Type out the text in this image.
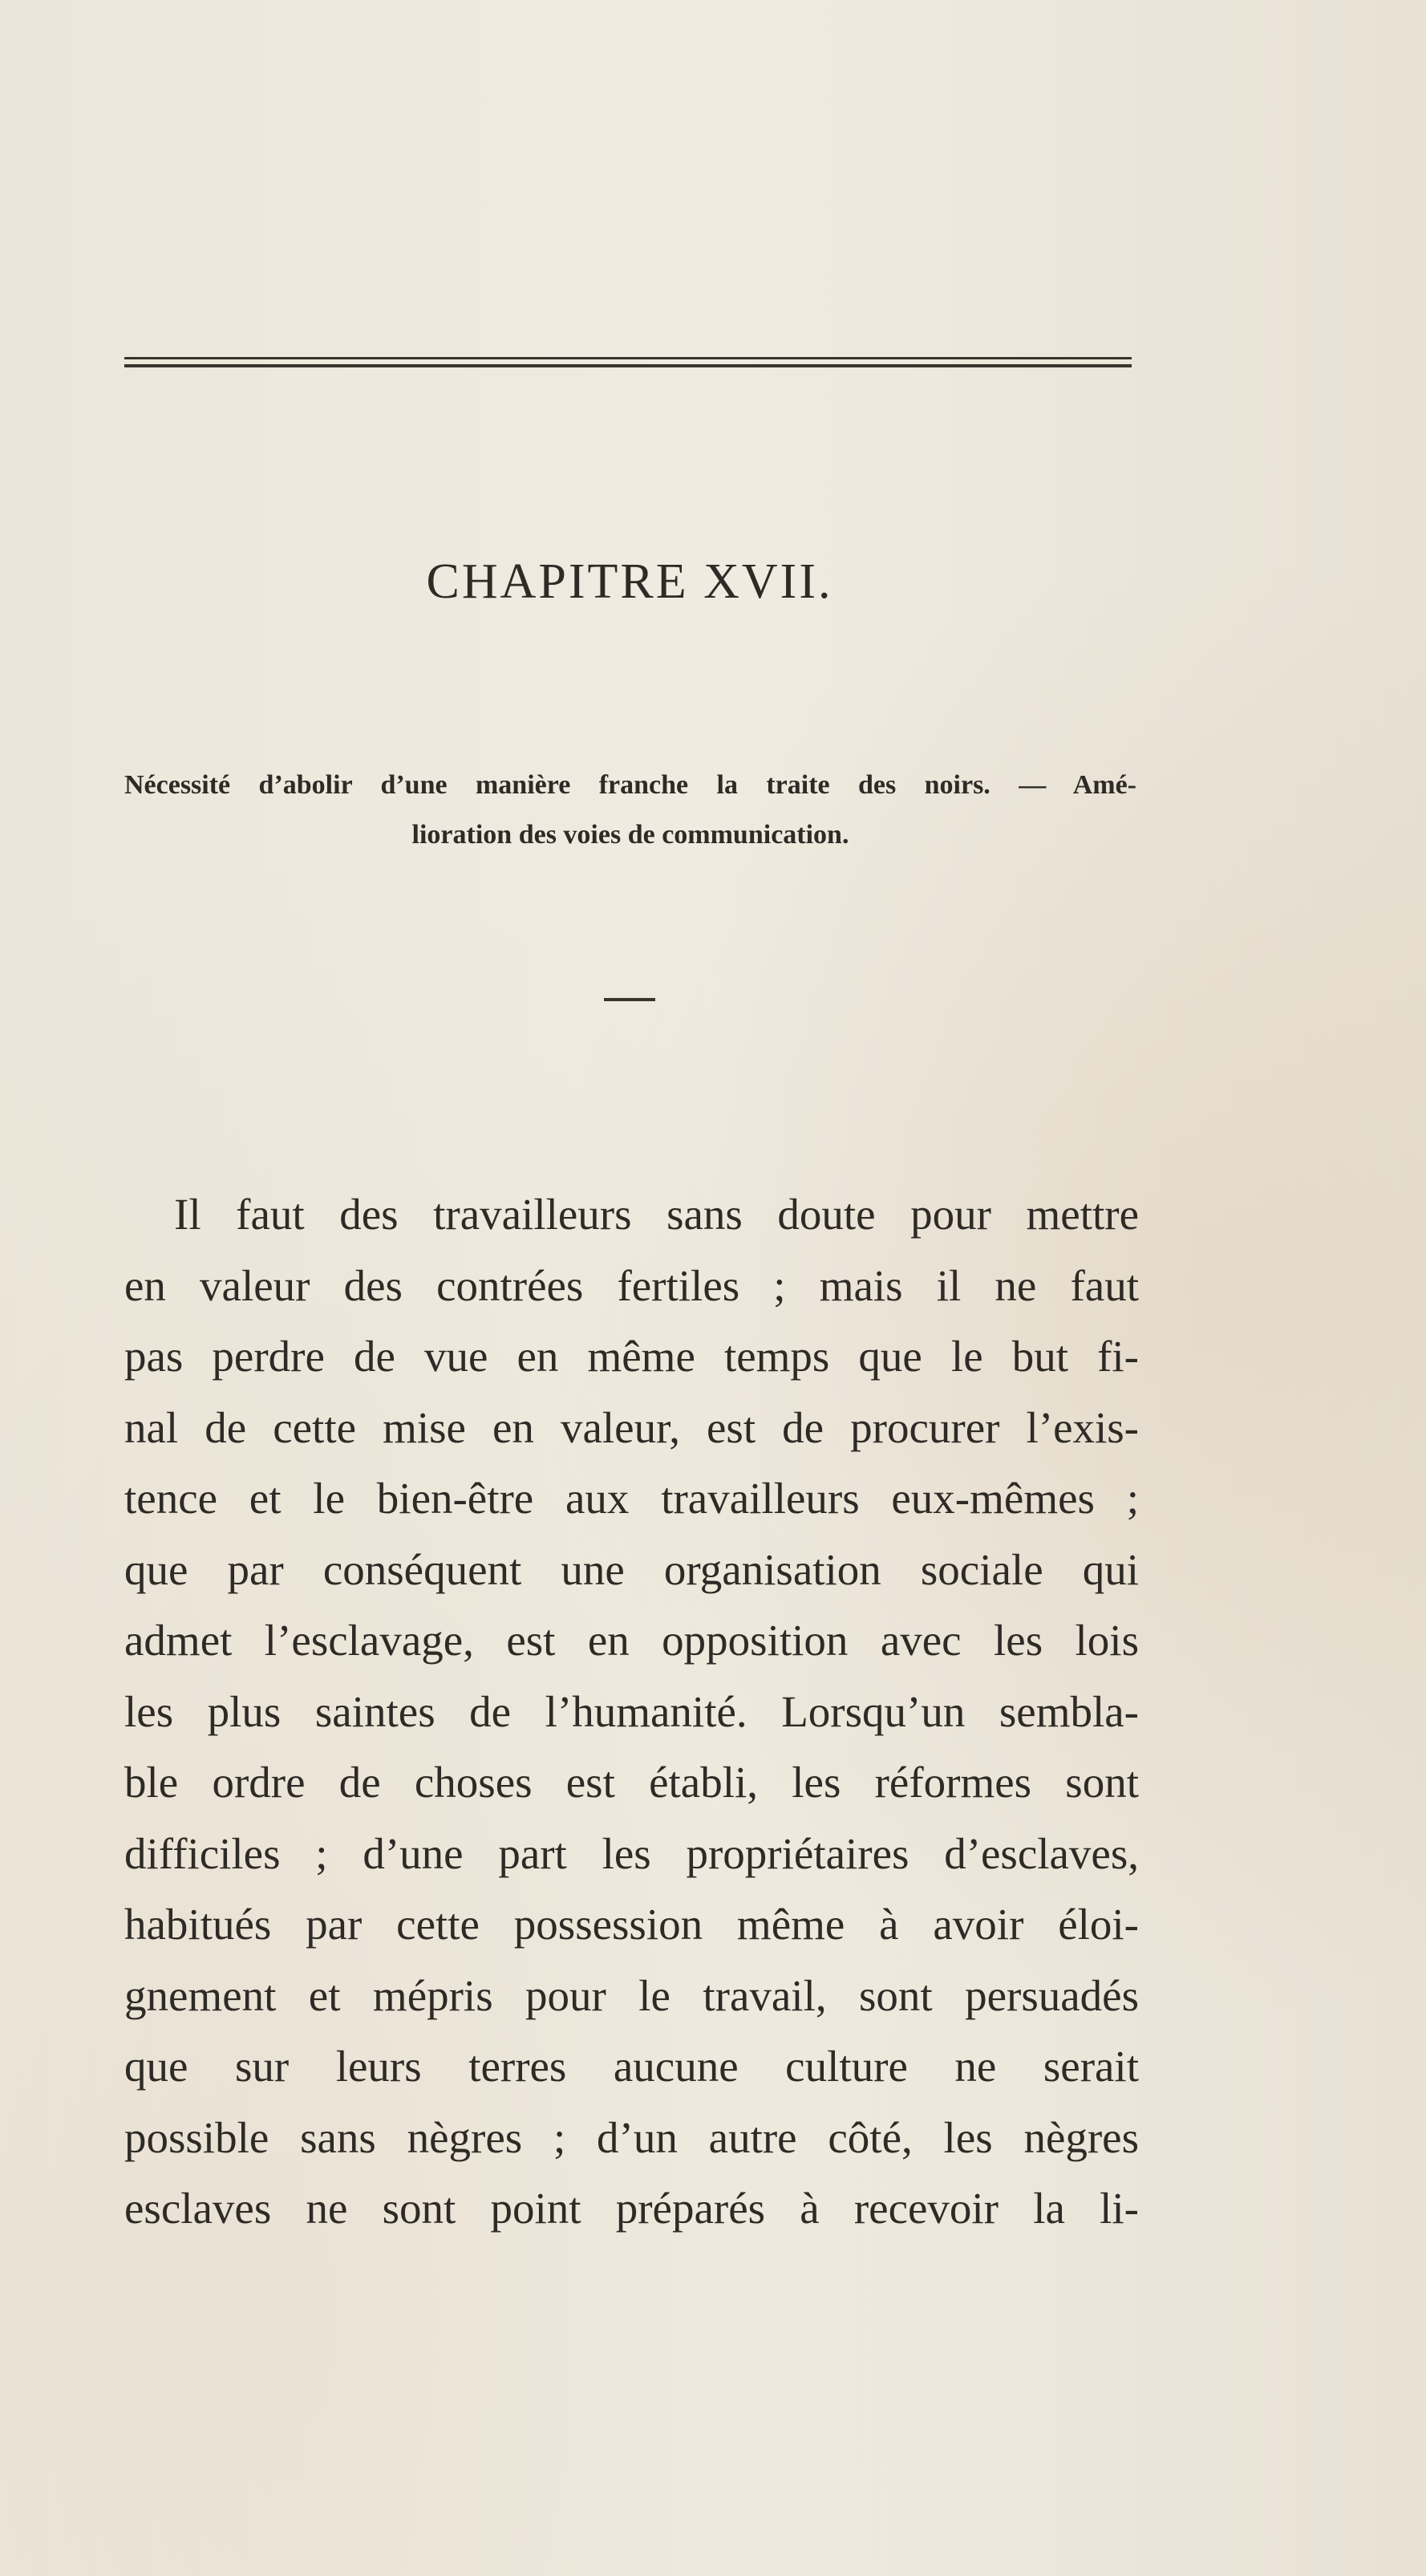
CHAPITRE XVII.
Nécessité d’abolir d’une manière franche la traite des noirs. — Amé-
lioration des voies de communication.
Il faut des travailleurs sans doute pour mettre
en valeur des contrées fertiles ; mais il ne faut
pas perdre de vue en même temps que le but fi-
nal de cette mise en valeur, est de procurer l’exis-
tence et le bien-être aux travailleurs eux-mêmes ;
que par conséquent une organisation sociale qui
admet l’esclavage, est en opposition avec les lois
les plus saintes de l’humanité. Lorsqu’un sembla-
ble ordre de choses est établi, les réformes sont
difficiles ; d’une part les propriétaires d’esclaves,
habitués par cette possession même à avoir éloi-
gnement et mépris pour le travail, sont persuadés
que sur leurs terres aucune culture ne serait
possible sans nègres ; d’un autre côté, les nègres
esclaves ne sont point préparés à recevoir la li-
